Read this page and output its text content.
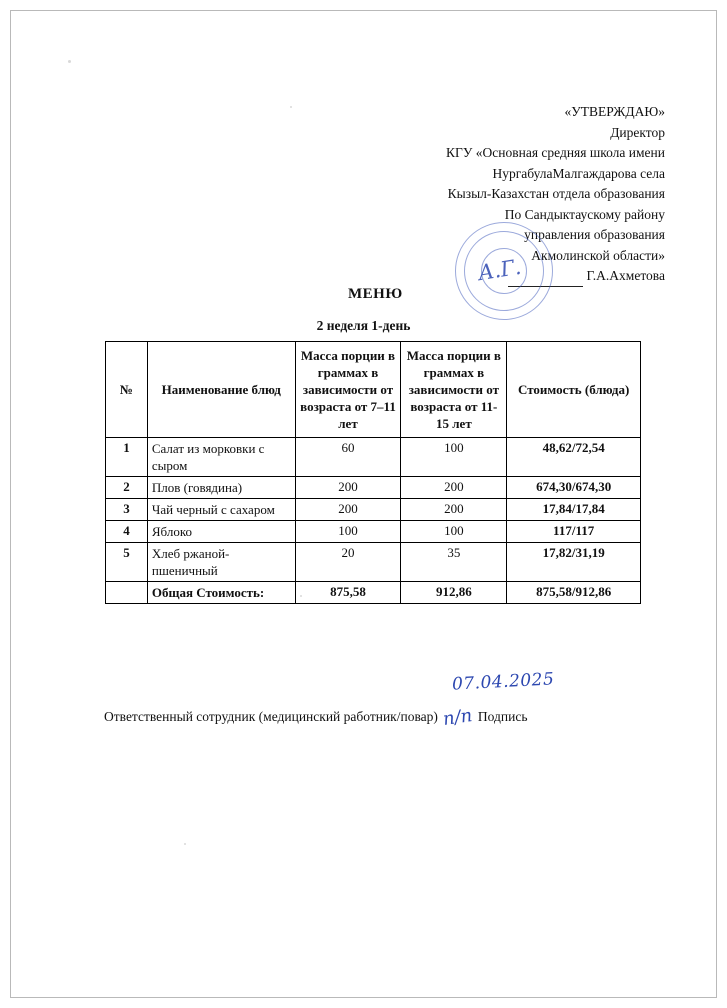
«УТВЕРЖДАЮ»
Директор
КГУ «Основная средняя школа имени
НургабулаМалгаждарова села
Кызыл-Казахстан отдела образования
По Сандыктаускому району
управления образования
Акмолинской области»
Г.А.Ахметова
А.Г.
МЕНЮ
2 неделя 1-день
№	Наименование блюд	Масса порции в граммах в зависимости от возраста от 7–11 лет	Масса порции в граммах в зависимости от возраста от 11-15 лет	Стоимость (блюда)
1	Салат из морковки с сыром	60	100	48,62/72,54
2	Плов (говядина)	200	200	674,30/674,30
3	Чай черный с сахаром	200	200	17,84/17,84
4	Яблоко	100	100	117/117
5	Хлеб ржаной-пшеничный	20	35	17,82/31,19
	Общая Стоимость:	875,58	912,86	875,58/912,86
07.04.2025
Ответственный сотрудник (медицинский работник/повар) п/п Подпись
